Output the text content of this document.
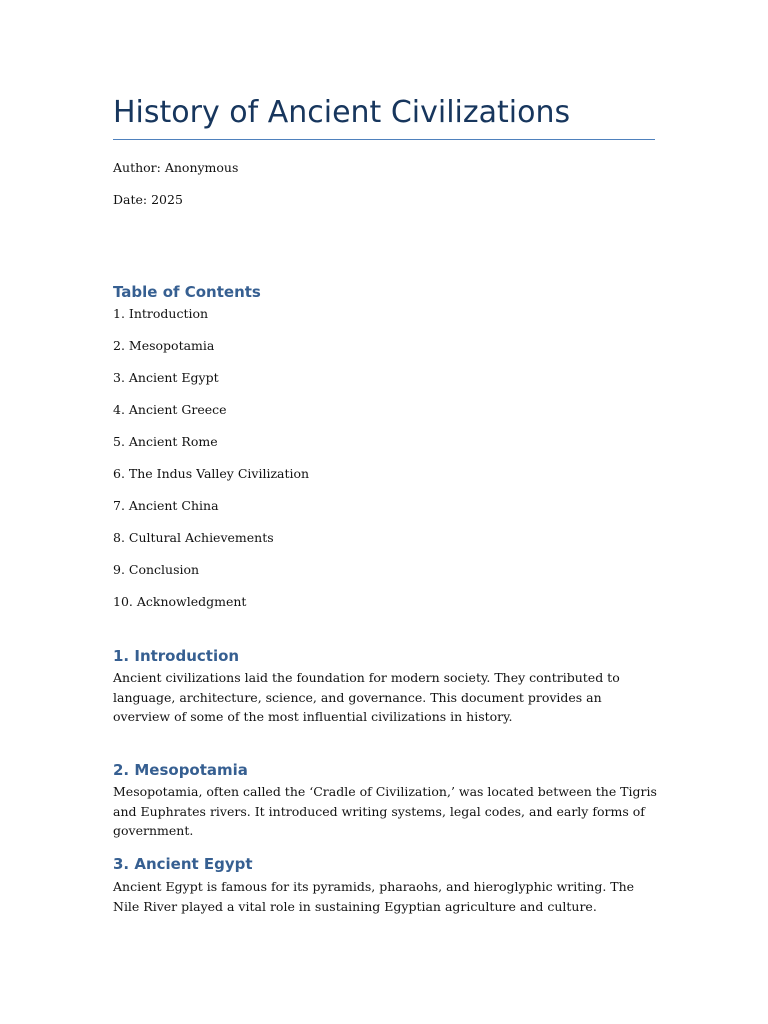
History of Ancient Civilizations

Author: Anonymous

Date: 2025

Table of Contents

1. Introduction

2. Mesopotamia

3. Ancient Egypt

4. Ancient Greece

5. Ancient Rome

6. The Indus Valley Civilization

7. Ancient China

8. Cultural Achievements

9. Conclusion

10. Acknowledgment

1. Introduction

Ancient civilizations laid the foundation for modern society. They contributed to language, architecture, science, and governance. This document provides an overview of some of the most influential civilizations in history.

2. Mesopotamia

Mesopotamia, often called the ‘Cradle of Civilization,’ was located between the Tigris and Euphrates rivers. It introduced writing systems, legal codes, and early forms of government.

3. Ancient Egypt

Ancient Egypt is famous for its pyramids, pharaohs, and hieroglyphic writing. The Nile River played a vital role in sustaining Egyptian agriculture and culture.
